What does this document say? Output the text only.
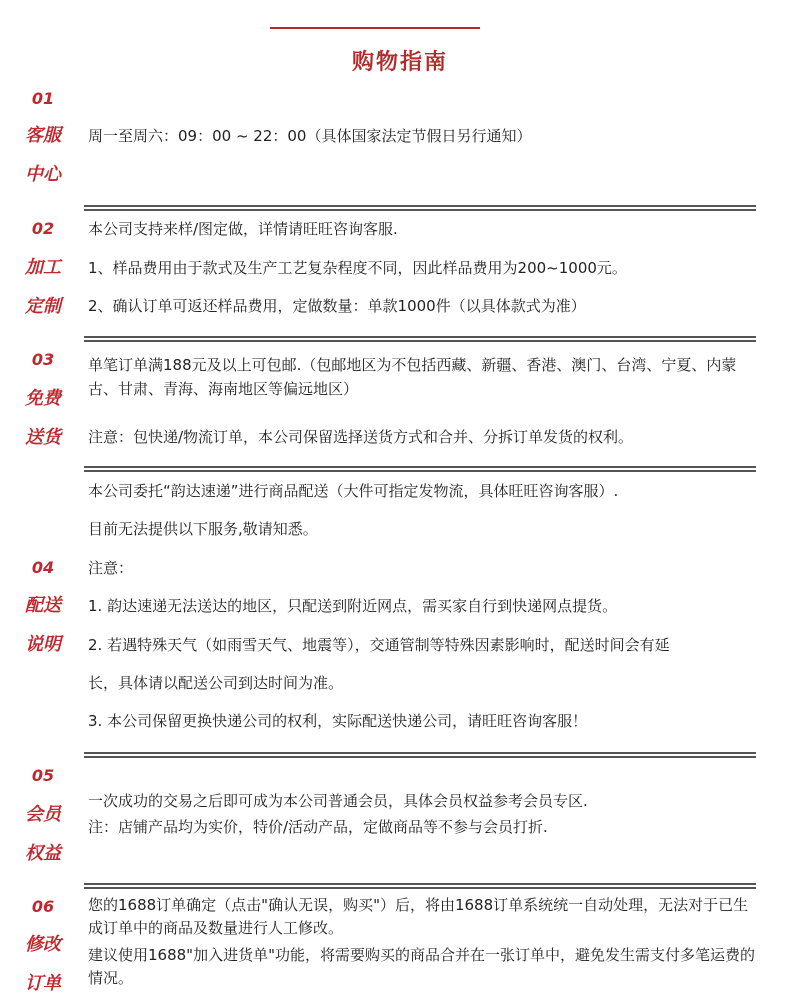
购物指南
01
客服
中心
周一至周六：09：00 ~ 22：00（具体国家法定节假日另行通知）
02
加工
定制
本公司支持来样/图定做，详情请旺旺咨询客服.
1、样品费用由于款式及生产工艺复杂程度不同，因此样品费用为200~1000元。
2、确认订单可返还样品费用，定做数量：单款1000件（以具体款式为准）
03
免费
送货
单笔订单满188元及以上可包邮.（包邮地区为不包括西藏、新疆、香港、澳门、台湾、宁夏、内蒙古、甘肃、青海、海南地区等偏远地区）
注意：包快递/物流订单，本公司保留选择送货方式和合并、分拆订单发货的权利。
本公司委托“韵达速递”进行商品配送（大件可指定发物流，具体旺旺咨询客服）.
目前无法提供以下服务,敬请知悉。
04 注意：
配送	1. 韵达速递无法送达的地区，只配送到附近网点，需买家自行到快递网点提货。
说明	2. 若遇特殊天气（如雨雪天气、地震等），交通管制等特殊因素影响时，配送时间会有延
长，具体请以配送公司到达时间为准。
3. 本公司保留更换快递公司的权利，实际配送快递公司，请旺旺咨询客服！
05
会员
权益
一次成功的交易之后即可成为本公司普通会员，具体会员权益参考会员专区.
注：店铺产品均为实价，特价/活动产品，定做商品等不参与会员打折.
06
修改
订单
您的1688订单确定（点击"确认无误，购买"）后，将由1688订单系统统一自动处理，无法对于已生成订单中的商品及数量进行人工修改。
建议使用1688"加入进货单"功能，将需要购买的商品合并在一张订单中，避免发生需支付多笔运费的情况。
